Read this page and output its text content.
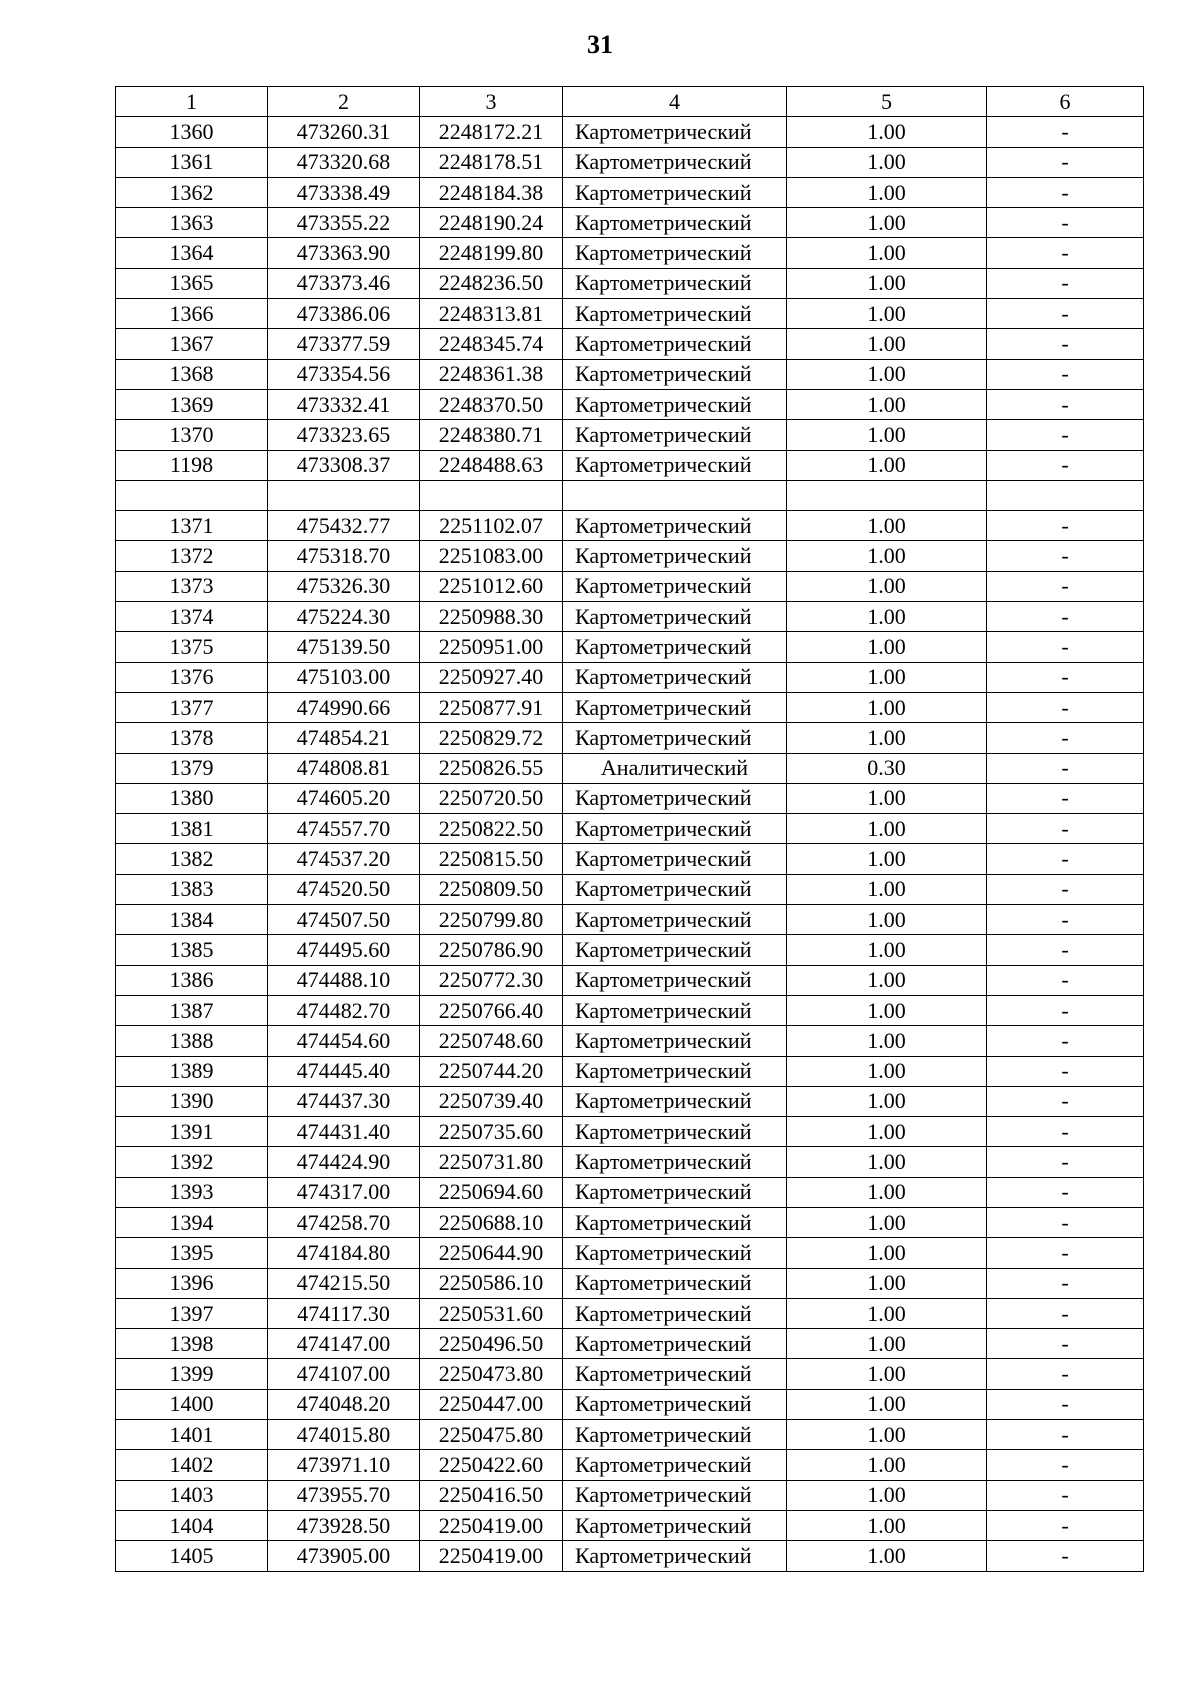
31
1	2	3	4	5	6
1360	473260.31	2248172.21	Картометрический	1.00	-
1361	473320.68	2248178.51	Картометрический	1.00	-
1362	473338.49	2248184.38	Картометрический	1.00	-
1363	473355.22	2248190.24	Картометрический	1.00	-
1364	473363.90	2248199.80	Картометрический	1.00	-
1365	473373.46	2248236.50	Картометрический	1.00	-
1366	473386.06	2248313.81	Картометрический	1.00	-
1367	473377.59	2248345.74	Картометрический	1.00	-
1368	473354.56	2248361.38	Картометрический	1.00	-
1369	473332.41	2248370.50	Картометрический	1.00	-
1370	473323.65	2248380.71	Картометрический	1.00	-
1198	473308.37	2248488.63	Картометрический	1.00	-

1371	475432.77	2251102.07	Картометрический	1.00	-
1372	475318.70	2251083.00	Картометрический	1.00	-
1373	475326.30	2251012.60	Картометрический	1.00	-
1374	475224.30	2250988.30	Картометрический	1.00	-
1375	475139.50	2250951.00	Картометрический	1.00	-
1376	475103.00	2250927.40	Картометрический	1.00	-
1377	474990.66	2250877.91	Картометрический	1.00	-
1378	474854.21	2250829.72	Картометрический	1.00	-
1379	474808.81	2250826.55	Аналитический	0.30	-
1380	474605.20	2250720.50	Картометрический	1.00	-
1381	474557.70	2250822.50	Картометрический	1.00	-
1382	474537.20	2250815.50	Картометрический	1.00	-
1383	474520.50	2250809.50	Картометрический	1.00	-
1384	474507.50	2250799.80	Картометрический	1.00	-
1385	474495.60	2250786.90	Картометрический	1.00	-
1386	474488.10	2250772.30	Картометрический	1.00	-
1387	474482.70	2250766.40	Картометрический	1.00	-
1388	474454.60	2250748.60	Картометрический	1.00	-
1389	474445.40	2250744.20	Картометрический	1.00	-
1390	474437.30	2250739.40	Картометрический	1.00	-
1391	474431.40	2250735.60	Картометрический	1.00	-
1392	474424.90	2250731.80	Картометрический	1.00	-
1393	474317.00	2250694.60	Картометрический	1.00	-
1394	474258.70	2250688.10	Картометрический	1.00	-
1395	474184.80	2250644.90	Картометрический	1.00	-
1396	474215.50	2250586.10	Картометрический	1.00	-
1397	474117.30	2250531.60	Картометрический	1.00	-
1398	474147.00	2250496.50	Картометрический	1.00	-
1399	474107.00	2250473.80	Картометрический	1.00	-
1400	474048.20	2250447.00	Картометрический	1.00	-
1401	474015.80	2250475.80	Картометрический	1.00	-
1402	473971.10	2250422.60	Картометрический	1.00	-
1403	473955.70	2250416.50	Картометрический	1.00	-
1404	473928.50	2250419.00	Картометрический	1.00	-
1405	473905.00	2250419.00	Картометрический	1.00	-
